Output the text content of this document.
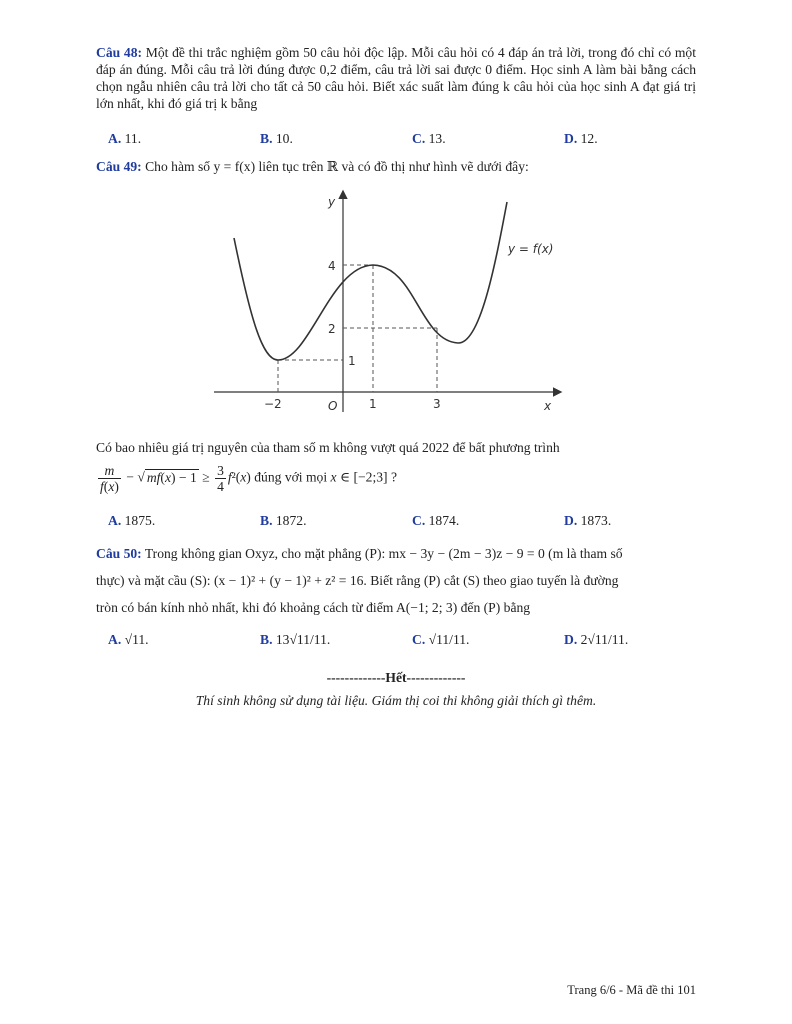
Câu 48: Một đề thi trắc nghiệm gồm 50 câu hỏi độc lập. Mỗi câu hỏi có 4 đáp án trả lời, trong đó chỉ có một đáp án đúng. Mỗi câu trả lời đúng được 0,2 điểm, câu trả lời sai được 0 điểm. Học sinh A làm bài bằng cách chọn ngẫu nhiên câu trả lời cho tất cả 50 câu hỏi. Biết xác suất làm đúng k câu hỏi của học sinh A đạt giá trị lớn nhất, khi đó giá trị k bằng
A. 11.	B. 10.	C. 13.	D. 12.
Câu 49: Cho hàm số y = f(x) liên tục trên ℝ và có đồ thị như hình vẽ dưới đây:
y
x
O
y = f(x)
−2	1	3
4
2
1
Có bao nhiêu giá trị nguyên của tham số m không vượt quá 2022 để bất phương trình
$\frac{m}{f(x)}$ − √ $mf(x) - 1 \ge \frac{3}{4} f^2(x)$ đúng với mọi x ∈ [−2;3] ?
A. 1875.	B. 1872.	C. 1874.	D. 1873.
Câu 50: Trong không gian Oxyz, cho mặt phẳng (P): mx − 3y − (2m − 3)z − 9 = 0 (m là tham số
thực) và mặt cầu (S): (x − 1)² + (y − 1)² + z² = 16. Biết rằng (P) cắt (S) theo giao tuyến là đường
tròn có bán kính nhỏ nhất, khi đó khoảng cách từ điểm A(−1; 2; 3) đến (P) bằng
A. √11.	B. 13√11/11.	C. √11/11.	D. 2√11/11.
-------------Hết-------------
Thí sinh không sử dụng tài liệu. Giám thị coi thi không giải thích gì thêm.
Trang 6/6 - Mã đề thi 101
